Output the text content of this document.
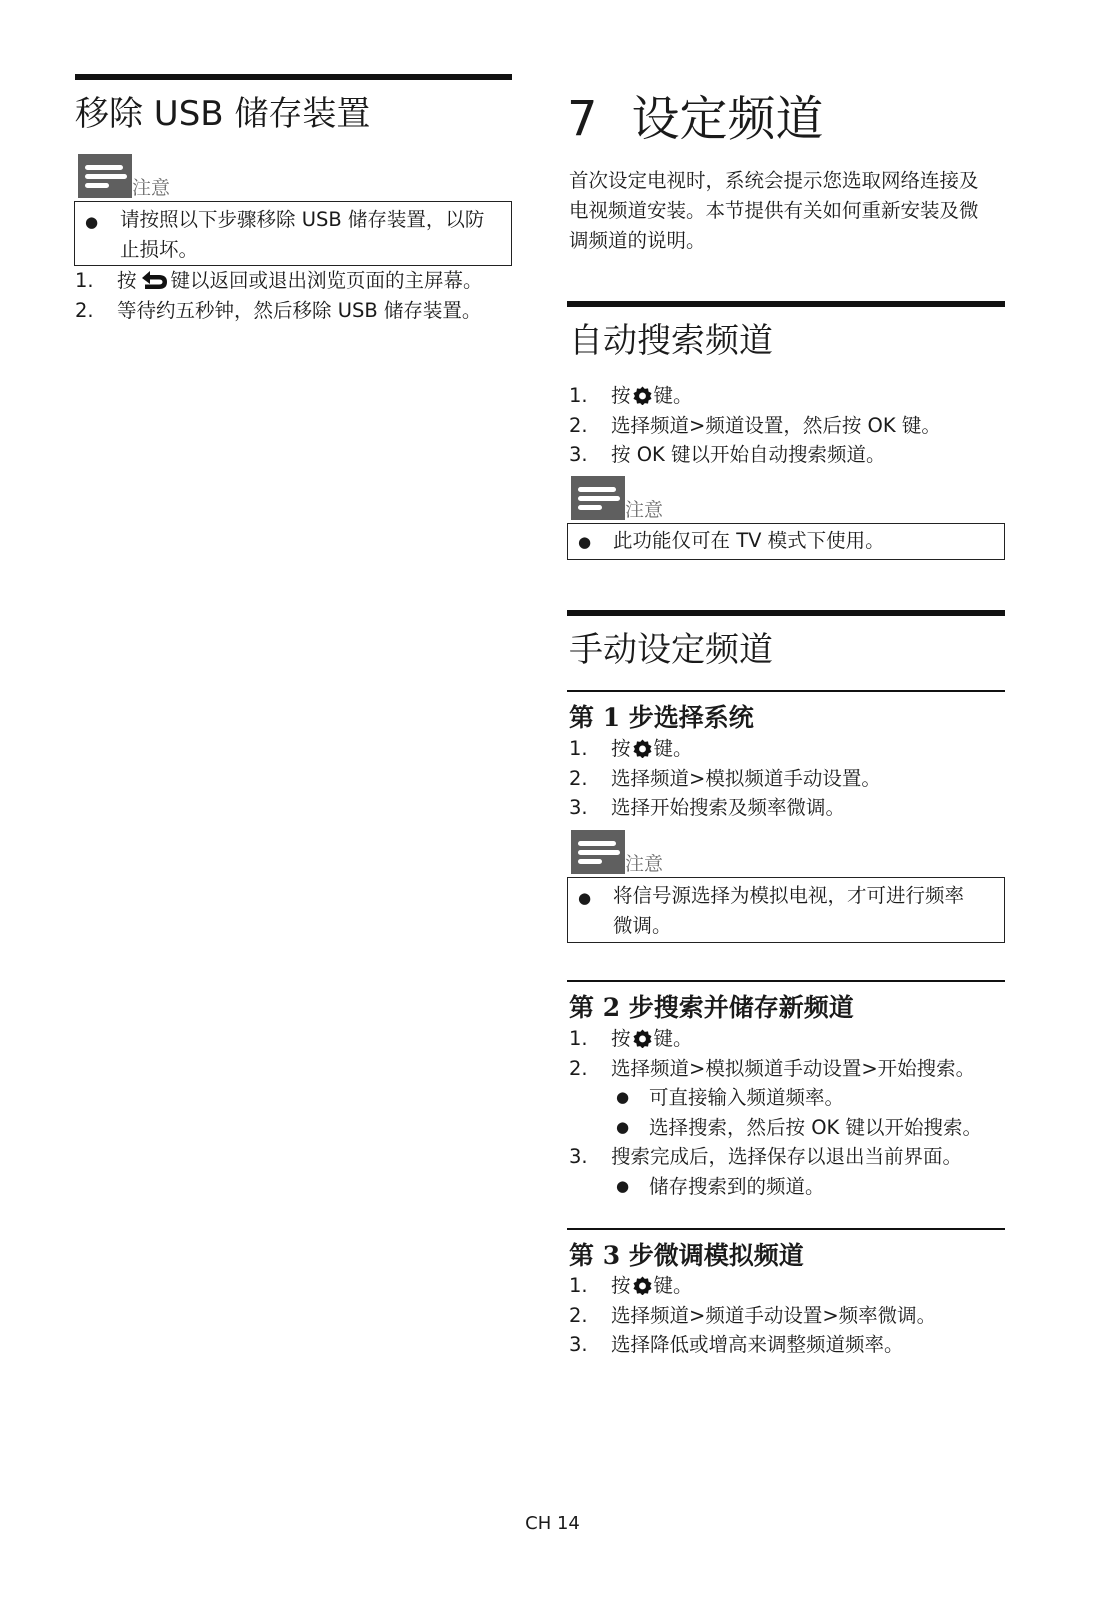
移除 USB 储存装置
注意
● 请按照以下步骤移除 USB 储存装置，以防
止损坏。
1. 按 键以返回或退出浏览页面的主屏幕。
2. 等待约五秒钟，然后移除 USB 储存装置。
7 设定频道

首次设定电视时，系统会提示您选取网络连接及
电视频道安装。本节提供有关如何重新安装及微
调频道的说明。

自动搜索频道
1. 按 键。
2. 选择频道>频道设置，然后按 OK 键。
3. 按 OK 键以开始自动搜索频道。
注意
● 此功能仅可在 TV 模式下使用。
手动设定频道
第 1 步选择系统
1. 按 键。
2. 选择频道>模拟频道手动设置。
3. 选择开始搜索及频率微调。
注意
● 将信号源选择为模拟电视，才可进行频率
微调。
第 2 步搜索并储存新频道
1. 按 键。
2. 选择频道>模拟频道手动设置>开始搜索。
● 可直接输入频道频率。
● 选择搜索，然后按 OK 键以开始搜索。
3. 搜索完成后，选择保存以退出当前界面。
● 储存搜索到的频道。
第 3 步微调模拟频道
1. 按 键。
2. 选择频道>频道手动设置>频率微调。
3. 选择降低或增高来调整频道频率。
CH 14
